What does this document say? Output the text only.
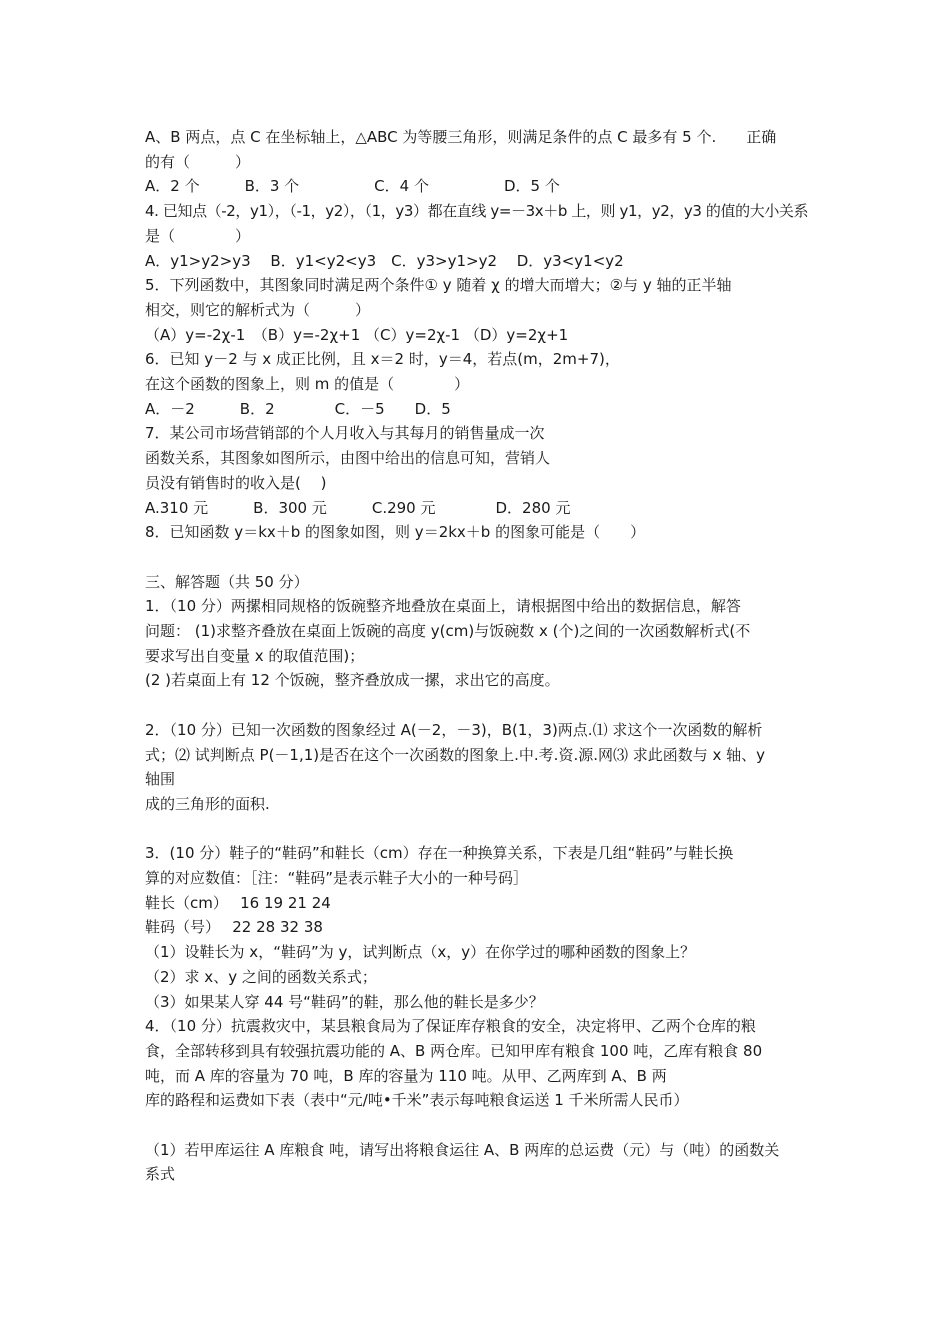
A、B 两点，点 C 在坐标轴上，△ABC 为等腰三角形，则满足条件的点 C 最多有 5 个.　　正确
的有（　　　）
A．2 个　　　B．3 个　　　　　C．4 个　　　　　D．5 个
4. 已知点（-2，y1），（-1，y2），（1，y3）都在直线 y=－3x＋b 上，则 y1，y2，y3 的值的大小关系
是（　　　　）
A．y1>y2>y3　 B．y1<y2<y3　C．y3>y1>y2　 D．y3<y1<y2
5．下列函数中，其图象同时满足两个条件① y 随着 χ 的增大而增大；②与 y 轴的正半轴
相交，则它的解析式为（　　　）
（A）y=-2χ-1　（B）y=-2χ+1 （C）y=2χ-1 （D）y=2χ+1
6．已知 y－2 与 x 成正比例，且 x＝2 时，y＝4，若点(m，2m+7)，
在这个函数的图象上，则 m 的值是（　　　　）
A．－2　　　B．2　　　　C．－5　　D．5
7．某公司市场营销部的个人月收入与其每月的销售量成一次
函数关系，其图象如图所示，由图中给出的信息可知，营销人
员没有销售时的收入是(　 )
A.310 元　　　B．300 元　　　C.290 元　　　　D．280 元
8．已知函数 y＝kx＋b 的图象如图，则 y＝2kx＋b 的图象可能是（　　）
三、解答题（共 50 分）
1．（10 分）两摞相同规格的饭碗整齐地叠放在桌面上，请根据图中给出的数据信息，解答
问题： (1)求整齐叠放在桌面上饭碗的高度 y(cm)与饭碗数 x (个)之间的一次函数解析式(不
要求写出自变量 x 的取值范围)；
(2 )若桌面上有 12 个饭碗，整齐叠放成一摞，求出它的高度。
2．（10 分）已知一次函数的图象经过 A(－2，－3)，B(1，3)两点.⑴ 求这个一次函数的解析
式；⑵ 试判断点 P(－1,1)是否在这个一次函数的图象上.中.考.资.源.网⑶ 求此函数与 x 轴、y
轴围
成的三角形的面积.
3．(10 分）鞋子的“鞋码”和鞋长（cm）存在一种换算关系，下表是几组“鞋码”与鞋长换
算的对应数值：［注：“鞋码”是表示鞋子大小的一种号码］
鞋长（cm）　 16 19 21 24
鞋码（号）　 22 28 32 38
（1）设鞋长为 x，“鞋码”为 y，试判断点（x，y）在你学过的哪种函数的图象上？
（2）求 x、y 之间的函数关系式；
（3）如果某人穿 44 号“鞋码”的鞋，那么他的鞋长是多少？
4．（10 分）抗震救灾中，某县粮食局为了保证库存粮食的安全，决定将甲、乙两个仓库的粮
食，全部转移到具有较强抗震功能的 A、B 两仓库。已知甲库有粮食 100 吨，乙库有粮食 80
吨，而 A 库的容量为 70 吨，B 库的容量为 110 吨。从甲、乙两库到 A、B 两
库的路程和运费如下表（表中“元/吨•千米”表示每吨粮食运送 1 千米所需人民币）
（1）若甲库运往 A 库粮食 吨，请写出将粮食运往 A、B 两库的总运费（元）与（吨）的函数关
系式
